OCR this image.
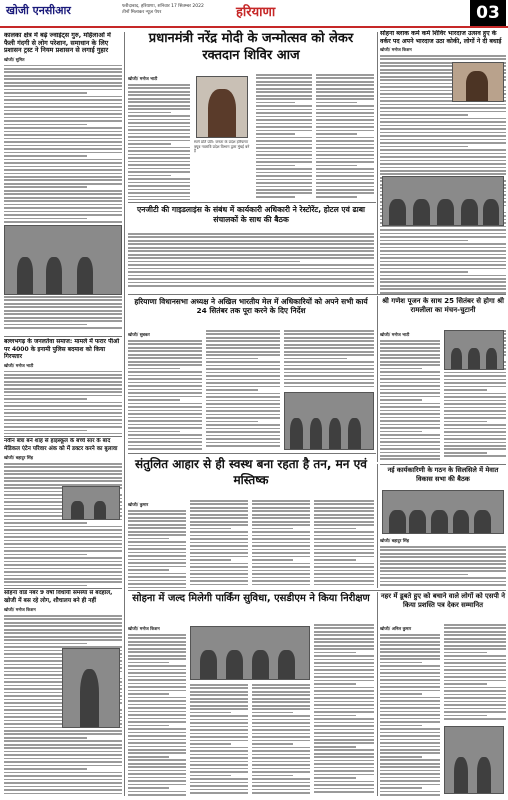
खोजी एनसीआर	फरीदाबाद, हरियाणा, शनिवार 17 सितम्बर 2022
तीनों मिलाकर न्यूज़ पेपर	हरियाणा	03
कालका क्षेत्र में बढ़े ज्वाइंट्स गुरु, महिलाओं में फैली गंदगी से लोग परेशान, समाधान के लिए प्रशासन ट्रस्ट ने नियम प्रशासन से लगाई गुहार
खोजी/ सुमित
बल्लभगढ़ के जनलतेवा समाज: मामले में फरार पीओ पर 4000 के इनामी पुलिस बदमाश को किया गिरफ्तार
खोजी/ मनोज भाटी
नवीन बत्रा बने शाह से हाइस्कूल के बच्चे सार के बाद मेडिकल एंटेन परिवार अंक को में डक्टर करने का बुलावा
खोजी/ बहादुर सिंह
सोहना वार्ड नंबर 9 वर्षों विधायी समस्या से बदहाल, खोजी में बस रहे लोग, शौचालय बने ही नहीं
खोजी/ मनोज किशन
प्रधानमंत्री नरेंद्र मोदी के जन्मोत्सव को लेकर रक्तदान शिविर आज
खोजी/ मनोज भाटी
स्वर्ग प्रति प्रति: जनता के प्रदेश हरियाणा क्यूब नवरात्रि प्रदेश विभाग द्वारा मुंबई बने है
सोहना ब्लाक कर्म कर्म शिविर भारदाज उत्सव हुए के वर्कर पद अपने भारदाज उठा कोकी, लोगों ने दी बधाई
खोजी/ मनोज किशन
एनजीटी की गाइडलाइंस के संबंध में कार्यकारी अधिकारी ने रेस्टोरेंट, होटल एवं ढाबा संचालकों के साथ की बैठक
हरियाणा विधानसभा अध्यक्ष ने अखिल भारतीय मेल में अधिकारियों को अपने सभी कार्य 24 सितंबर तक पूरा करने के दिए निर्देश
खोजी/ सुबकर
श्री गणेश पूजन के साथ 25 सितंबर से होगा श्री रामलीला का मंचन-चुटानी
खोजी/ मनोज भाटी
संतुलित आहार से ही स्वस्थ बना रहता है तन, मन एवं मस्तिष्क
खोजी/ कुमार
नई कार्यकारिणी के गठन के सिलसिले में मेवात विकास सभा की बैठक
खोजी/ बहादुर सिंह
सोहना में जल्द मिलेगी पार्किंग सुविधा, एसडीएम ने किया निरीक्षण
खोजी/ मनोज किशन
नहर में डूबते हुए को बचाने वाले लोगों को एसपी ने किया प्रशस्ति पत्र देकर सम्मानित
खोजी/ अनिल कुमार
